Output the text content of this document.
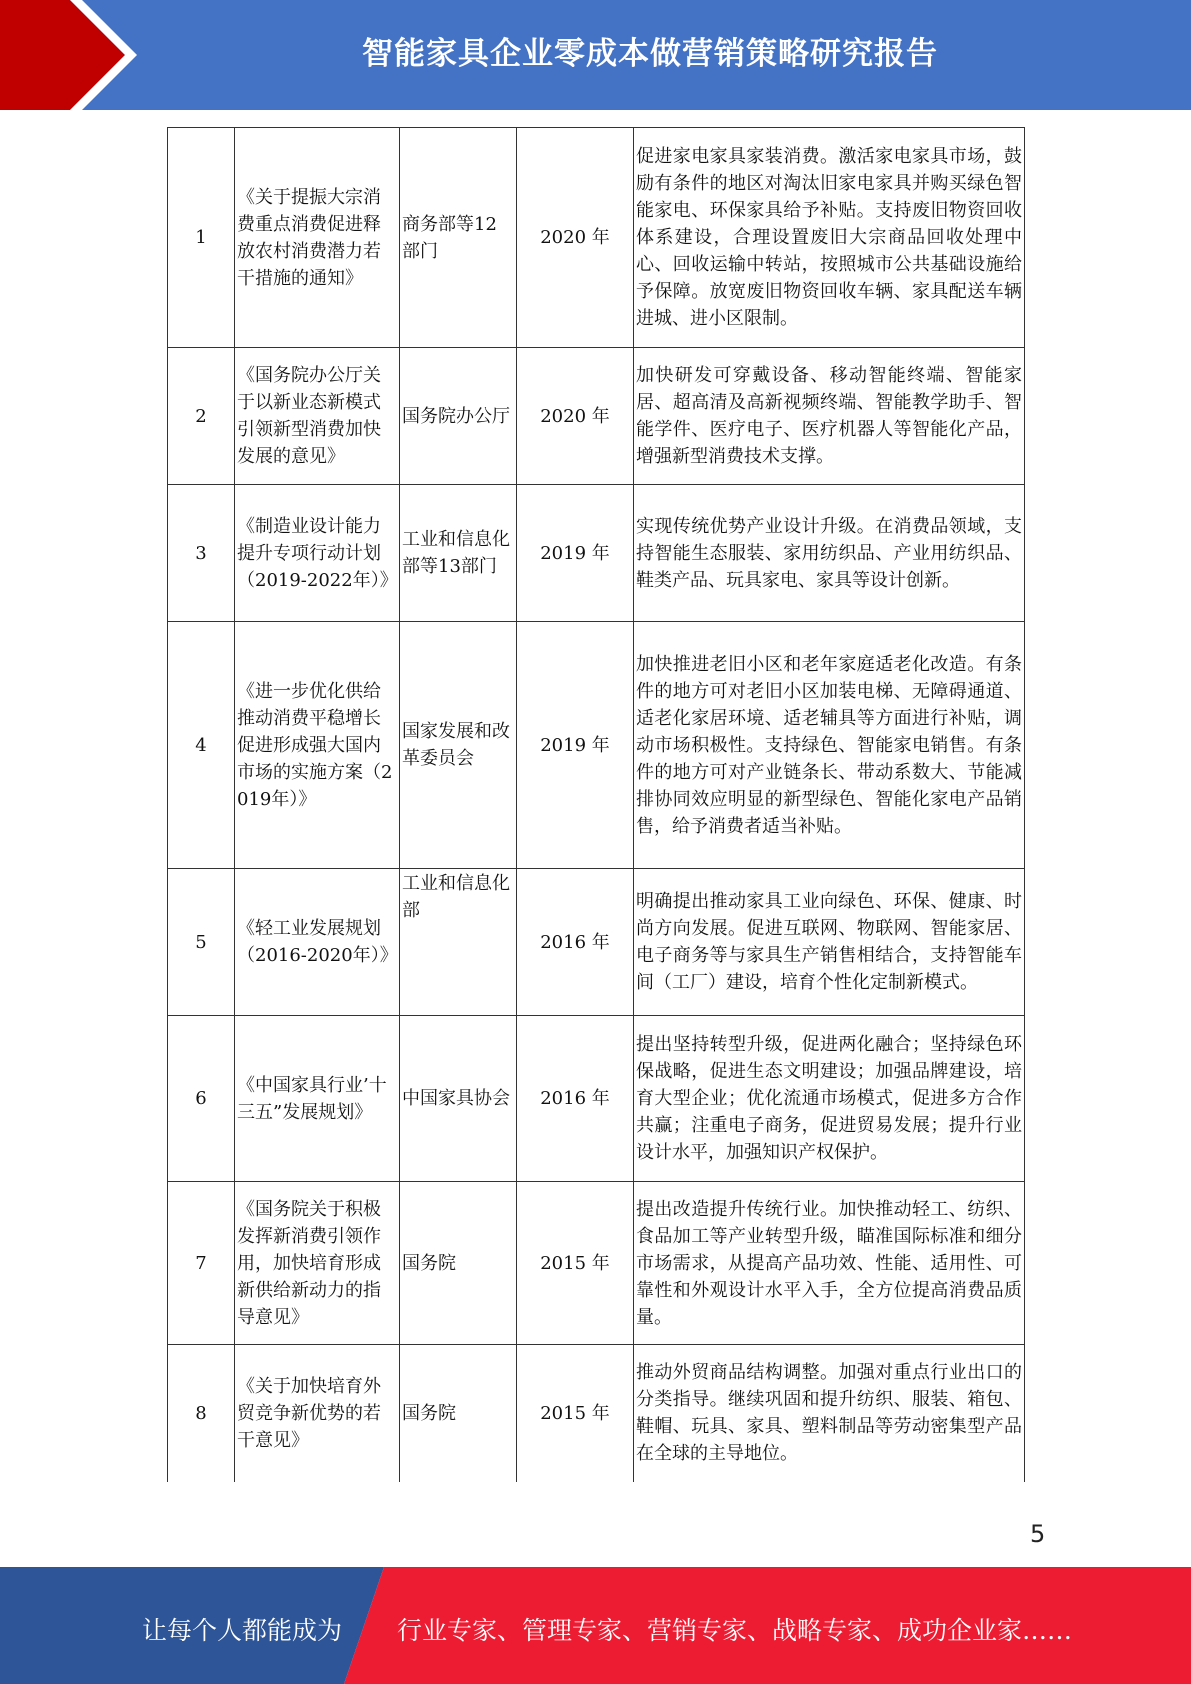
智能家具企业零成本做营销策略研究报告
1	《关于提振大宗消费重点消费促进释放农村消费潜力若干措施的通知》	商务部等12部门	2020 年	促进家电家具家装消费。激活家电家具市场，鼓励有条件的地区对淘汰旧家电家具并购买绿色智能家电、环保家具给予补贴。支持废旧物资回收体系建设，合理设置废旧大宗商品回收处理中心、回收运输中转站，按照城市公共基础设施给予保障。放宽废旧物资回收车辆、家具配送车辆进城、进小区限制。
2	《国务院办公厅关于以新业态新模式引领新型消费加快发展的意见》	国务院办公厅	2020 年	加快研发可穿戴设备、移动智能终端、智能家居、超高清及高新视频终端、智能教学助手、智能学件、医疗电子、医疗机器人等智能化产品，增强新型消费技术支撑。
3	《制造业设计能力提升专项行动计划（2019-2022年）》	工业和信息化部等13部门	2019 年	实现传统优势产业设计升级。在消费品领域，支持智能生态服装、家用纺织品、产业用纺织品、鞋类产品、玩具家电、家具等设计创新。
4	《进一步优化供给推动消费平稳增长促进形成强大国内市场的实施方案（2019年）》	国家发展和改革委员会	2019 年	加快推进老旧小区和老年家庭适老化改造。有条件的地方可对老旧小区加装电梯、无障碍通道、适老化家居环境、适老辅具等方面进行补贴，调动市场积极性。支持绿色、智能家电销售。有条件的地方可对产业链条长、带动系数大、节能减排协同效应明显的新型绿色、智能化家电产品销售，给予消费者适当补贴。
5	《轻工业发展规划（2016-2020年）》	工业和信息化部	2016 年	明确提出推动家具工业向绿色、环保、健康、时尚方向发展。促进互联网、物联网、智能家居、电子商务等与家具生产销售相结合，支持智能车间（工厂）建设，培育个性化定制新模式。
6	《中国家具行业’十三五”发展规划》	中国家具协会	2016 年	提出坚持转型升级，促进两化融合；坚持绿色环保战略，促进生态文明建设；加强品牌建设，培育大型企业；优化流通市场模式，促进多方合作共赢；注重电子商务，促进贸易发展；提升行业设计水平，加强知识产权保护。
7	《国务院关于积极发挥新消费引领作用，加快培育形成新供给新动力的指导意见》	国务院	2015 年	提出改造提升传统行业。加快推动轻工、纺织、食品加工等产业转型升级，瞄准国际标准和细分市场需求，从提高产品功效、性能、适用性、可靠性和外观设计水平入手，全方位提高消费品质量。
8	《关于加快培育外贸竞争新优势的若干意见》	国务院	2015 年	推动外贸商品结构调整。加强对重点行业出口的分类指导。继续巩固和提升纺织、服装、箱包、鞋帽、玩具、家具、塑料制品等劳动密集型产品在全球的主导地位。
5
让每个人都能成为 行业专家、管理专家、营销专家、战略专家、成功企业家……
